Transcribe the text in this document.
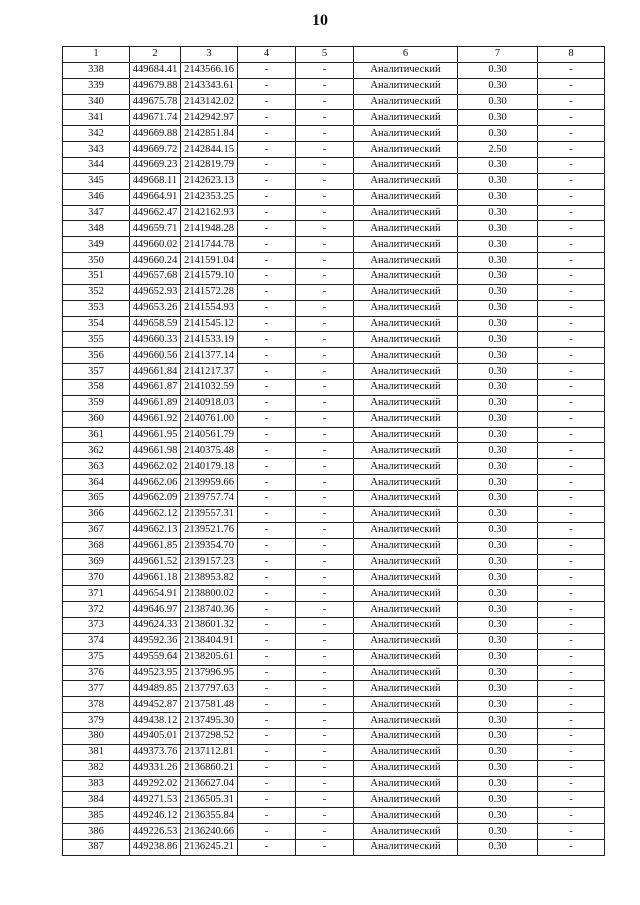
10
1	2	3	4	5	6	7	8
338	449684.41	2143566.16	-	-	Аналитический	0.30	-
339	449679.88	2143343.61	-	-	Аналитический	0.30	-
340	449675.78	2143142.02	-	-	Аналитический	0.30	-
341	449671.74	2142942.97	-	-	Аналитический	0.30	-
342	449669.88	2142851.84	-	-	Аналитический	0.30	-
343	449669.72	2142844.15	-	-	Аналитический	2.50	-
344	449669.23	2142819.79	-	-	Аналитический	0.30	-
345	449668.11	2142623.13	-	-	Аналитический	0.30	-
346	449664.91	2142353.25	-	-	Аналитический	0.30	-
347	449662.47	2142162.93	-	-	Аналитический	0.30	-
348	449659.71	2141948.28	-	-	Аналитический	0.30	-
349	449660.02	2141744.78	-	-	Аналитический	0.30	-
350	449660.24	2141591.04	-	-	Аналитический	0.30	-
351	449657.68	2141579.10	-	-	Аналитический	0.30	-
352	449652.93	2141572.28	-	-	Аналитический	0.30	-
353	449653.26	2141554.93	-	-	Аналитический	0.30	-
354	449658.59	2141545.12	-	-	Аналитический	0.30	-
355	449660.33	2141533.19	-	-	Аналитический	0.30	-
356	449660.56	2141377.14	-	-	Аналитический	0.30	-
357	449661.84	2141217.37	-	-	Аналитический	0.30	-
358	449661.87	2141032.59	-	-	Аналитический	0.30	-
359	449661.89	2140918.03	-	-	Аналитический	0.30	-
360	449661.92	2140761.00	-	-	Аналитический	0.30	-
361	449661.95	2140561.79	-	-	Аналитический	0.30	-
362	449661.98	2140375.48	-	-	Аналитический	0.30	-
363	449662.02	2140179.18	-	-	Аналитический	0.30	-
364	449662.06	2139959.66	-	-	Аналитический	0.30	-
365	449662.09	2139757.74	-	-	Аналитический	0.30	-
366	449662.12	2139557.31	-	-	Аналитический	0.30	-
367	449662.13	2139521.76	-	-	Аналитический	0.30	-
368	449661.85	2139354.70	-	-	Аналитический	0.30	-
369	449661.52	2139157.23	-	-	Аналитический	0.30	-
370	449661.18	2138953.82	-	-	Аналитический	0.30	-
371	449654.91	2138800.02	-	-	Аналитический	0.30	-
372	449646.97	2138740.36	-	-	Аналитический	0.30	-
373	449624.33	2138601.32	-	-	Аналитический	0.30	-
374	449592.36	2138404.91	-	-	Аналитический	0.30	-
375	449559.64	2138205.61	-	-	Аналитический	0.30	-
376	449523.95	2137996.95	-	-	Аналитический	0.30	-
377	449489.85	2137797.63	-	-	Аналитический	0.30	-
378	449452.87	2137581.48	-	-	Аналитический	0.30	-
379	449438.12	2137495.30	-	-	Аналитический	0.30	-
380	449405.01	2137298.52	-	-	Аналитический	0.30	-
381	449373.76	2137112.81	-	-	Аналитический	0.30	-
382	449331.26	2136860.21	-	-	Аналитический	0.30	-
383	449292.02	2136627.04	-	-	Аналитический	0.30	-
384	449271.53	2136505.31	-	-	Аналитический	0.30	-
385	449246.12	2136355.84	-	-	Аналитический	0.30	-
386	449226.53	2136240.66	-	-	Аналитический	0.30	-
387	449238.86	2136245.21	-	-	Аналитический	0.30	-
